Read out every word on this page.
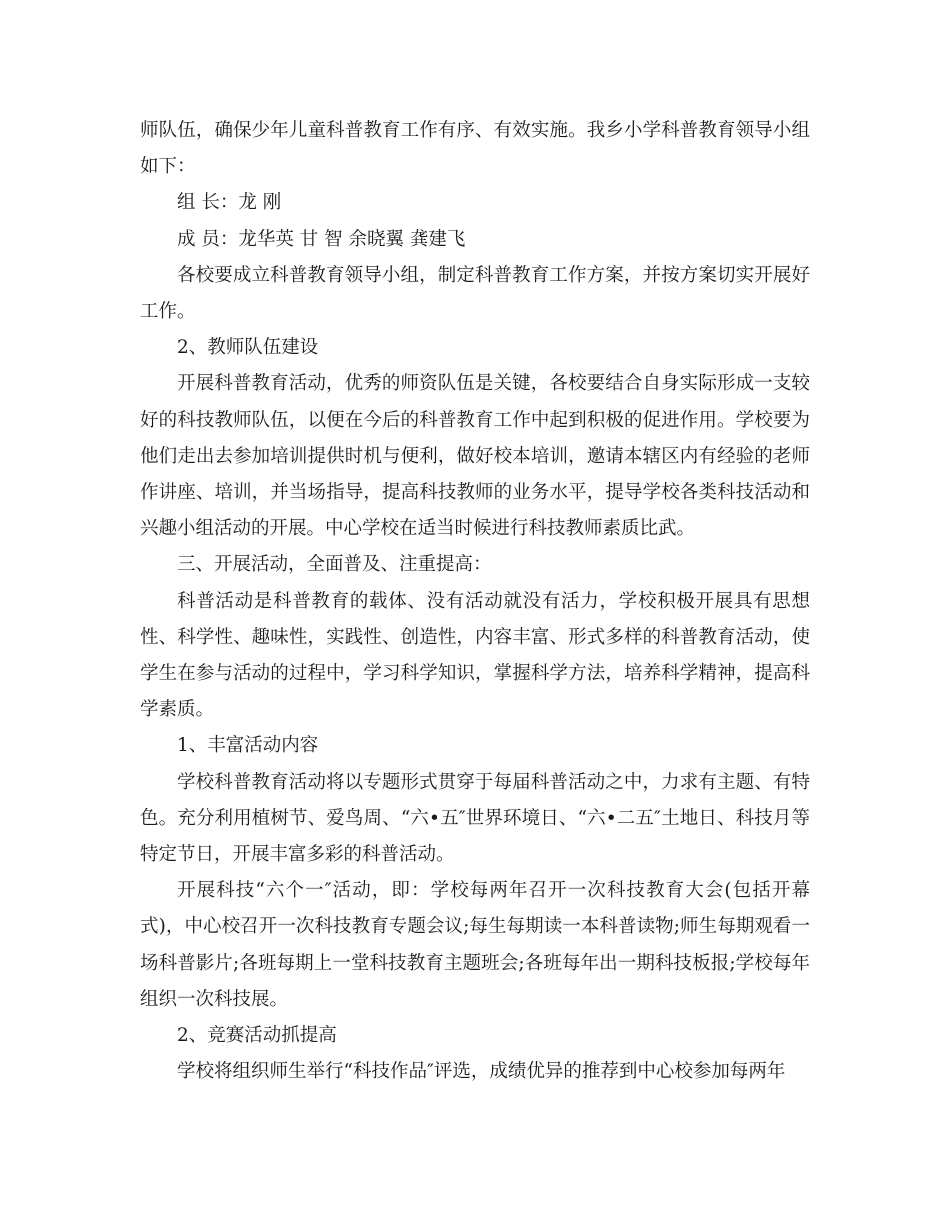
师队伍，确保少年儿童科普教育工作有序、有效实施。我乡小学科普教育领导小组如下：

组 长：龙 刚

成 员：龙华英 甘 智 余晓翼 龚建飞

各校要成立科普教育领导小组，制定科普教育工作方案，并按方案切实开展好工作。

2、教师队伍建设

开展科普教育活动，优秀的师资队伍是关键，各校要结合自身实际形成一支较好的科技教师队伍，以便在今后的科普教育工作中起到积极的促进作用。学校要为他们走出去参加培训提供时机与便利，做好校本培训，邀请本辖区内有经验的老师作讲座、培训，并当场指导，提高科技教师的业务水平，提导学校各类科技活动和兴趣小组活动的开展。中心学校在适当时候进行科技教师素质比武。

三、开展活动，全面普及、注重提高：

科普活动是科普教育的载体、没有活动就没有活力，学校积极开展具有思想性、科学性、趣味性，实践性、创造性，内容丰富、形式多样的科普教育活动，使学生在参与活动的过程中，学习科学知识，掌握科学方法，培养科学精神，提高科学素质。

1、丰富活动内容

学校科普教育活动将以专题形式贯穿于每届科普活动之中，力求有主题、有特色。充分利用植树节、爱鸟周、“六•五″世界环境日、“六•二五″土地日、科技月等特定节日，开展丰富多彩的科普活动。

开展科技“六个一″活动，即：学校每两年召开一次科技教育大会(包括开幕式)，中心校召开一次科技教育专题会议;每生每期读一本科普读物;师生每期观看一场科普影片;各班每期上一堂科技教育主题班会;各班每年出一期科技板报;学校每年组织一次科技展。

2、竞赛活动抓提高

学校将组织师生举行“科技作品″评选，成绩优异的推荐到中心校参加每两年
